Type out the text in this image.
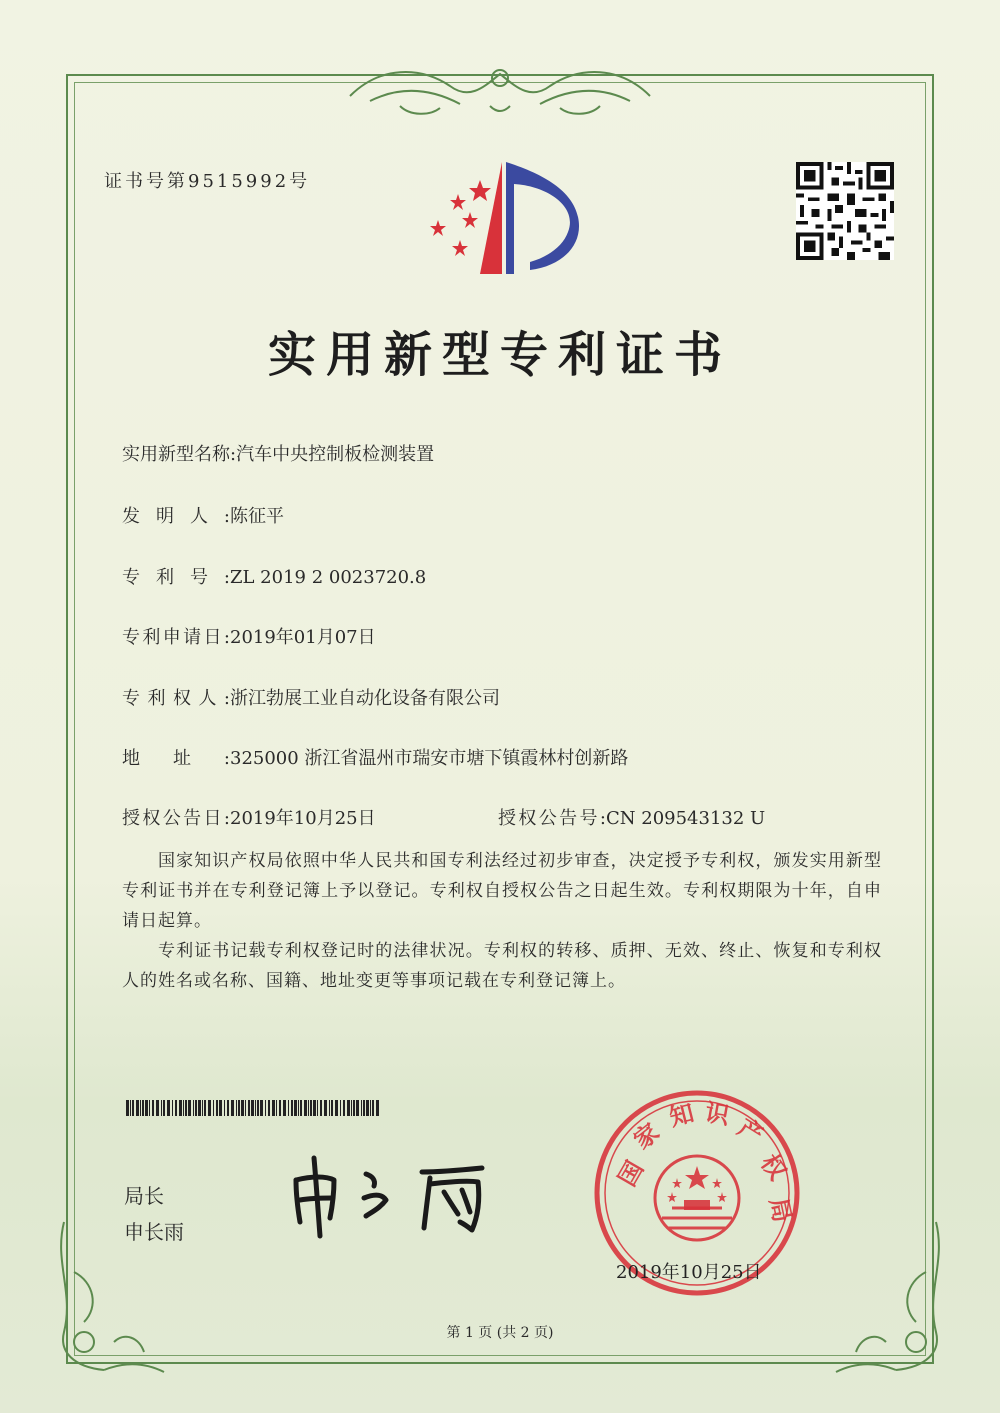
证书号第9515992号
实用新型专利证书
实用新型名称:汽车中央控制板检测装置
发明人:陈征平
专利号:ZL 2019 2 0023720.8
专利申请日:2019年01月07日
专利权人:浙江勃展工业自动化设备有限公司
地址:325000 浙江省温州市瑞安市塘下镇霞林村创新路
授权公告日:2019年10月25日	授权公告号:CN 209543132 U
国家知识产权局依照中华人民共和国专利法经过初步审查，决定授予专利权，颁发实用新型专利证书并在专利登记簿上予以登记。专利权自授权公告之日起生效。专利权期限为十年，自申请日起算。
专利证书记载专利权登记时的法律状况。专利权的转移、质押、无效、终止、恢复和专利权人的姓名或名称、国籍、地址变更等事项记载在专利登记簿上。
局长
申长雨
国
家
知 识 产
权
局
2019年10月25日
第 1 页 (共 2 页)
